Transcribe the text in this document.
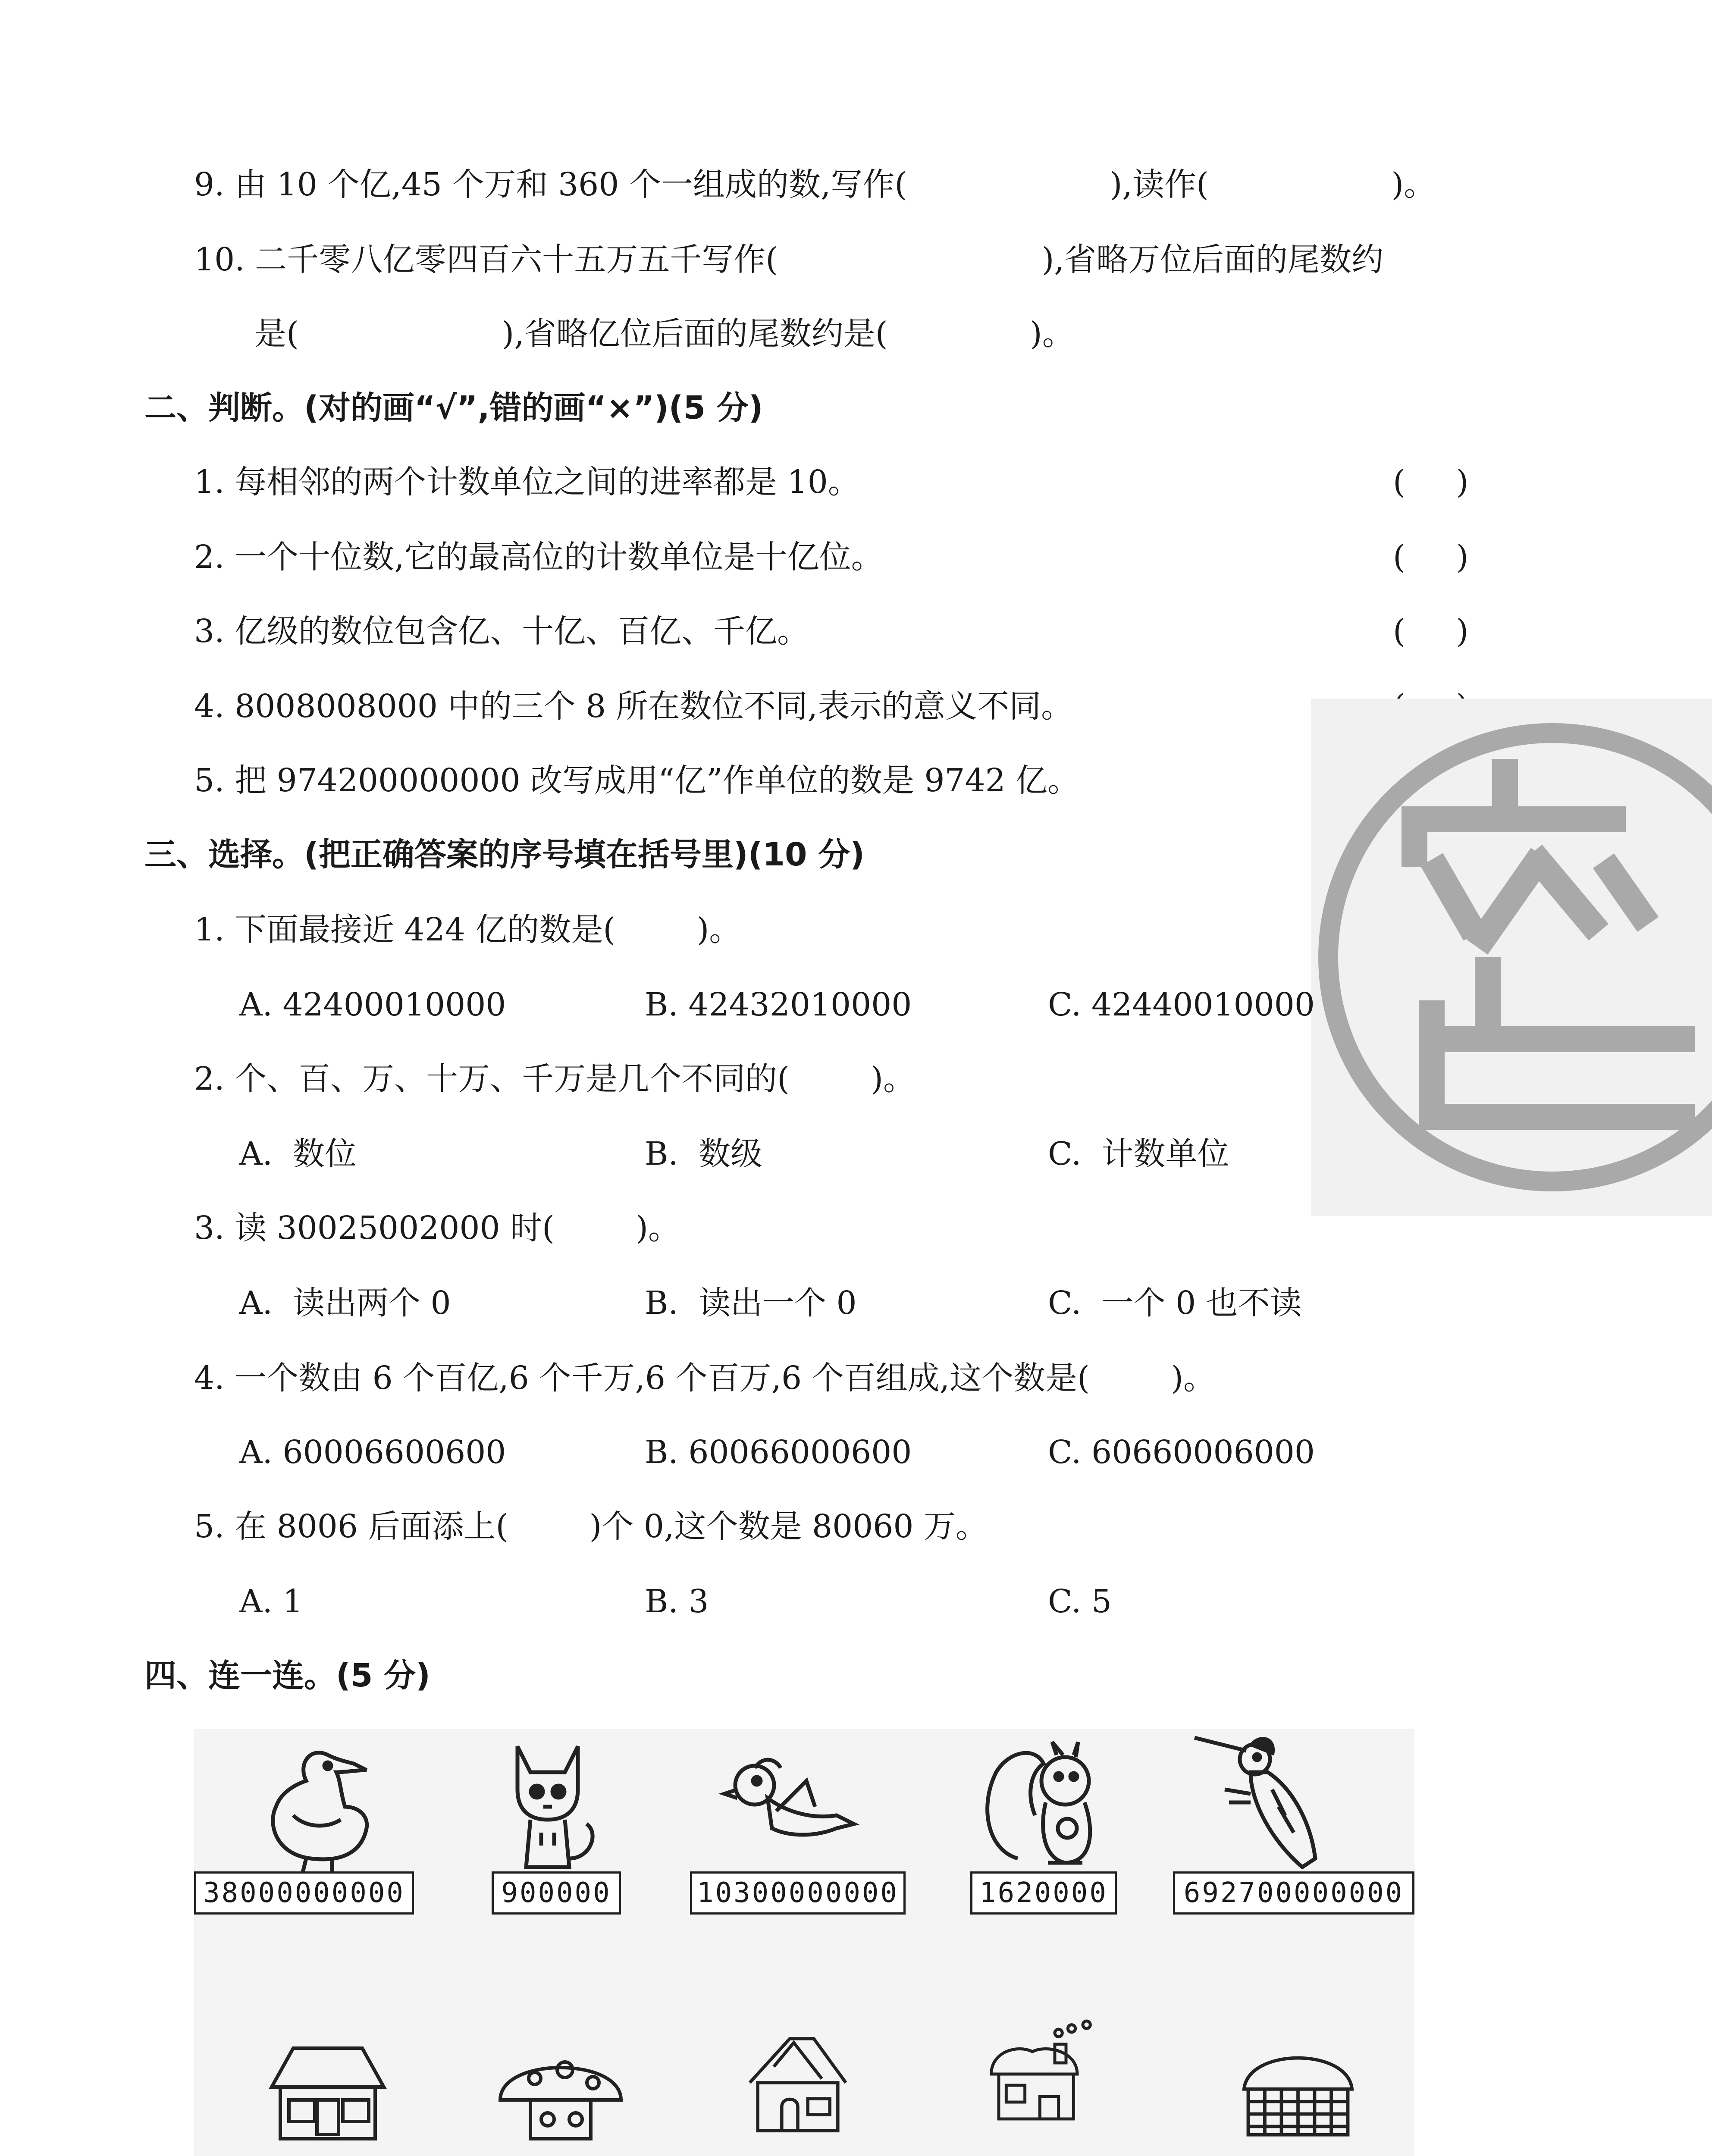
9. 由 10 个亿,45 个万和 360 个一组成的数,写作(                    ),读作(                  )。
10. 二千零八亿零四百六十五万五千写作(                          ),省略万位后面的尾数约
是(                    ),省略亿位后面的尾数约是(              )。
二、判断。(对的画“√”,错的画“×”)(5 分)
1. 每相邻的两个计数单位之间的进率都是 10。	(     )
2. 一个十位数,它的最高位的计数单位是十亿位。	(     )
3. 亿级的数位包含亿、十亿、百亿、千亿。	(     )
4. 8008008000 中的三个 8 所在数位不同,表示的意义不同。
5. 把 974200000000 改写成用“亿”作单位的数是 9742 亿。
三、选择。(把正确答案的序号填在括号里)(10 分)
1. 下面最接近 424 亿的数是(        )。
A. 42400010000	B. 42432010000	C. 42440010000
2. 个、百、万、十万、千万是几个不同的(        )。
A.  数位	B.  数级	C.  计数单位
3. 读 30025002000 时(        )。
A.  读出两个 0	B.  读出一个 0	C.  一个 0 也不读
4. 一个数由 6 个百亿,6 个千万,6 个百万,6 个百组成,这个数是(        )。
A. 60006600600	B. 60066000600	C. 60660006000
5. 在 8006 后面添上(        )个 0,这个数是 80060 万。
A. 1	B. 3	C. 5
四、连一连。(5 分)
38000000000	900000	10300000000	1620000	692700000000
